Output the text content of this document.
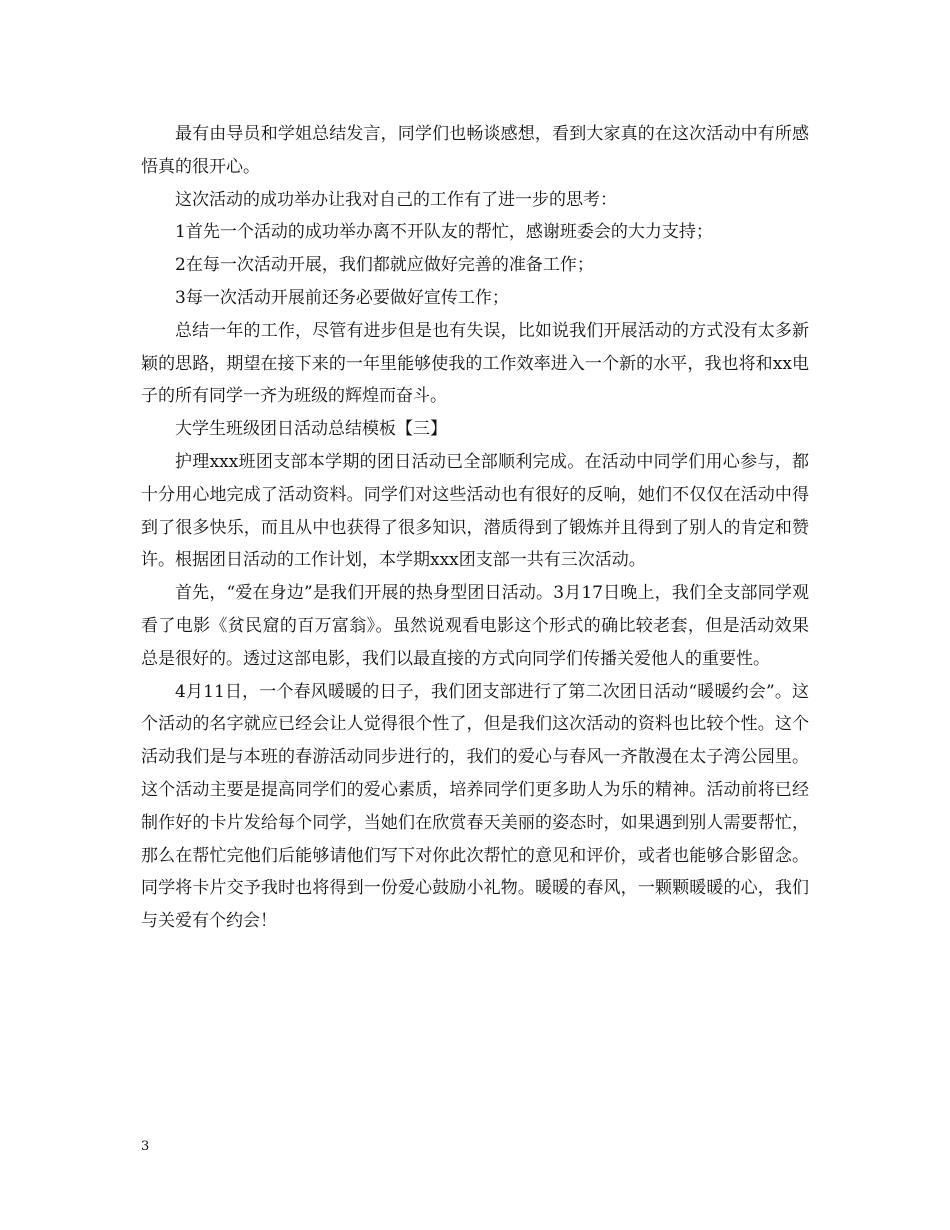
最有由导员和学姐总结发言，同学们也畅谈感想，看到大家真的在这次活动中有所感悟真的很开心。

这次活动的成功举办让我对自己的工作有了进一步的思考：

1首先一个活动的成功举办离不开队友的帮忙，感谢班委会的大力支持；

2在每一次活动开展，我们都就应做好完善的准备工作；

3每一次活动开展前还务必要做好宣传工作；

总结一年的工作，尽管有进步但是也有失误，比如说我们开展活动的方式没有太多新颖的思路，期望在接下来的一年里能够使我的工作效率进入一个新的水平，我也将和xx电子的所有同学一齐为班级的辉煌而奋斗。

大学生班级团日活动总结模板【三】

护理xxx班团支部本学期的团日活动已全部顺利完成。在活动中同学们用心参与，都十分用心地完成了活动资料。同学们对这些活动也有很好的反响，她们不仅仅在活动中得到了很多快乐，而且从中也获得了很多知识，潜质得到了锻炼并且得到了别人的肯定和赞许。根据团日活动的工作计划，本学期xxx团支部一共有三次活动。

首先，“爱在身边”是我们开展的热身型团日活动。3月17日晚上，我们全支部同学观看了电影《贫民窟的百万富翁》。虽然说观看电影这个形式的确比较老套，但是活动效果总是很好的。透过这部电影，我们以最直接的方式向同学们传播关爱他人的重要性。

4月11日，一个春风暖暖的日子，我们团支部进行了第二次团日活动“暖暖约会”。这个活动的名字就应已经会让人觉得很个性了，但是我们这次活动的资料也比较个性。这个活动我们是与本班的春游活动同步进行的，我们的爱心与春风一齐散漫在太子湾公园里。这个活动主要是提高同学们的爱心素质，培养同学们更多助人为乐的精神。活动前将已经制作好的卡片发给每个同学，当她们在欣赏春天美丽的姿态时，如果遇到别人需要帮忙，那么在帮忙完他们后能够请他们写下对你此次帮忙的意见和评价，或者也能够合影留念。同学将卡片交予我时也将得到一份爱心鼓励小礼物。暖暖的春风，一颗颗暖暖的心，我们与关爱有个约会！

3
